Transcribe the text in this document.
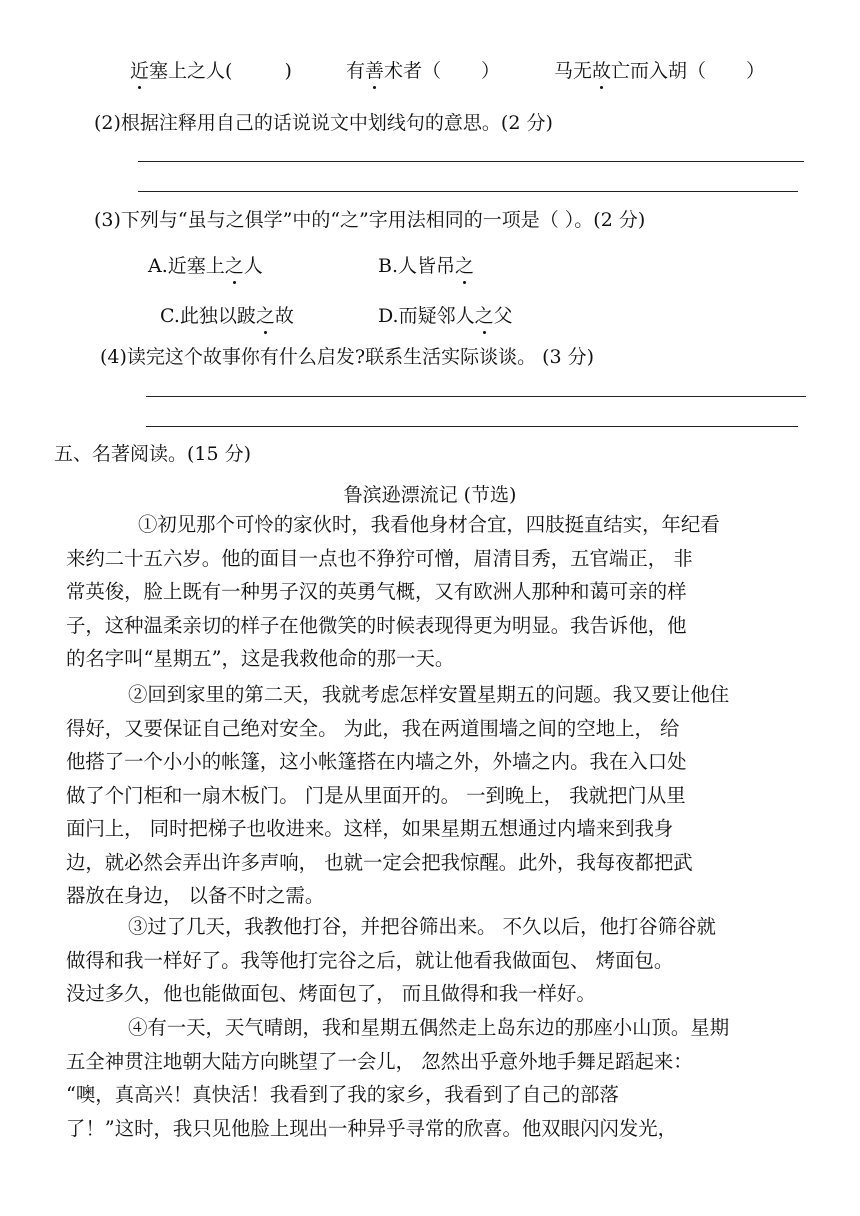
近塞上之人(	)	有善术者（ ）	马无故亡而入胡（ ）
(2)根据注释用自己的话说说文中划线句的意思。(2 分)
(3)下列与“虽与之俱学”中的“之”字用法相同的一项是（ ）。(2 分)
A.近塞上之人	B.人皆吊之
C.此独以跛之故	D.而疑邻人之父
(4)读完这个故事你有什么启发?联系生活实际谈谈。 (3 分)
五、名著阅读。(15 分)
鲁滨逊漂流记 (节选)
①初见那个可怜的家伙时，我看他身材合宜，四肢挺直结实，年纪看
来约二十五六岁。他的面目一点也不狰狞可憎，眉清目秀，五官端正， 非
常英俊，脸上既有一种男子汉的英勇气概，又有欧洲人那种和蔼可亲的样
子，这种温柔亲切的样子在他微笑的时候表现得更为明显。我告诉他，他
的名字叫“星期五”，这是我救他命的那一天。
②回到家里的第二天，我就考虑怎样安置星期五的问题。我又要让他住
得好，又要保证自己绝对安全。 为此，我在两道围墙之间的空地上， 给
他搭了一个小小的帐篷，这小帐篷搭在内墙之外，外墙之内。我在入口处
做了个门柜和一扇木板门。 门是从里面开的。 一到晚上， 我就把门从里
面闩上， 同时把梯子也收进来。这样，如果星期五想通过内墙来到我身
边，就必然会弄出许多声响， 也就一定会把我惊醒。此外，我每夜都把武
器放在身边， 以备不时之需。
③过了几天，我教他打谷，并把谷筛出来。 不久以后，他打谷筛谷就
做得和我一样好了。我等他打完谷之后，就让他看我做面包、 烤面包。
没过多久，他也能做面包、烤面包了， 而且做得和我一样好。
④有一天，天气晴朗，我和星期五偶然走上岛东边的那座小山顶。星期
五全神贯注地朝大陆方向眺望了一会儿， 忽然出乎意外地手舞足蹈起来：
“噢，真高兴！真快活！我看到了我的家乡，我看到了自己的部落
了！”这时，我只见他脸上现出一种异乎寻常的欣喜。他双眼闪闪发光，
